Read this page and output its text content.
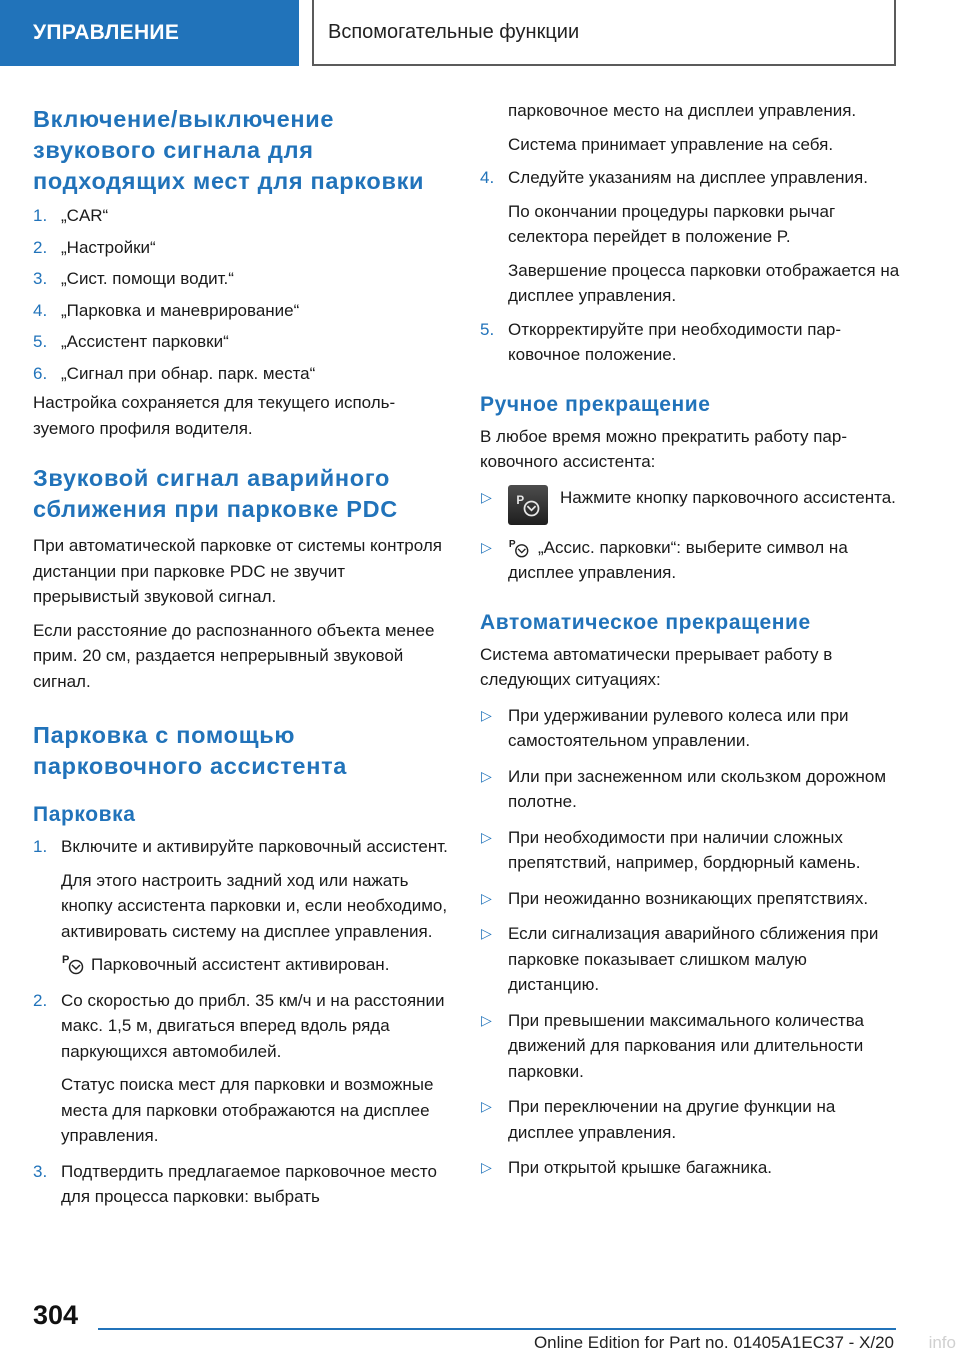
УПРАВЛЕНИЕ	Вспомогательные функции
Включение/выключение звукового сигнала для подходящих мест для парковки
1. „CAR“
2. „Настройки“
3. „Сист. помощи водит.“
4. „Парковка и маневрирование“
5. „Ассистент парковки“
6. „Сигнал при обнар. парк. места“
Настройка сохраняется для текущего используемого профиля водителя.
Звуковой сигнал аварийного сближения при парковке PDC
При автоматической парковке от системы контроля дистанции при парковке PDC не звучит прерывистый звуковой сигнал.
Если расстояние до распознанного объекта менее прим. 20 см, раздается непрерывный звуковой сигнал.
Парковка с помощью парковочного ассистента
Парковка
1. Включите и активируйте парковочный ассистент.
Для этого настроить задний ход или нажать кнопку ассистента парковки и, если необходимо, активировать систему на дисплее управления.
P Парковочный ассистент активирован.
2. Со скоростью до прибл. 35 км/ч и на расстоянии макс. 1,5 м, двигаться вперед вдоль ряда паркующихся автомобилей.
Статус поиска мест для парковки и возможные места для парковки отображаются на дисплее управления.
3. Подтвердить предлагаемое парковочное место для процесса парковки: выбрать
парковочное место на дисплеи управления.
Система принимает управление на себя.
4. Следуйте указаниям на дисплее управления.
По окончании процедуры парковки рычаг селектора перейдет в положение P.
Завершение процесса парковки отображается на дисплее управления.
5. Откорректируйте при необходимости парковочное положение.
Ручное прекращение
В любое время можно прекратить работу парковочного ассистента:
▷ P Нажмите кнопку парковочного ассистента.
▷ P „Ассис. парковки“: выберите символ на дисплее управления.
Автоматическое прекращение
Система автоматически прерывает работу в следующих ситуациях:
▷ При удерживании рулевого колеса или при самостоятельном управлении.
▷ Или при заснеженном или скользком дорожном полотне.
▷ При необходимости при наличии сложных препятствий, например, бордюрный камень.
▷ При неожиданно возникающих препятствиях.
▷ Если сигнализация аварийного сближения при парковке показывает слишком малую дистанцию.
▷ При превышении максимального количества движений для паркования или длительности парковки.
▷ При переключении на другие функции на дисплее управления.
▷ При открытой крышке багажника.
304
Online Edition for Part no. 01405A1EC37 - X/20 info
